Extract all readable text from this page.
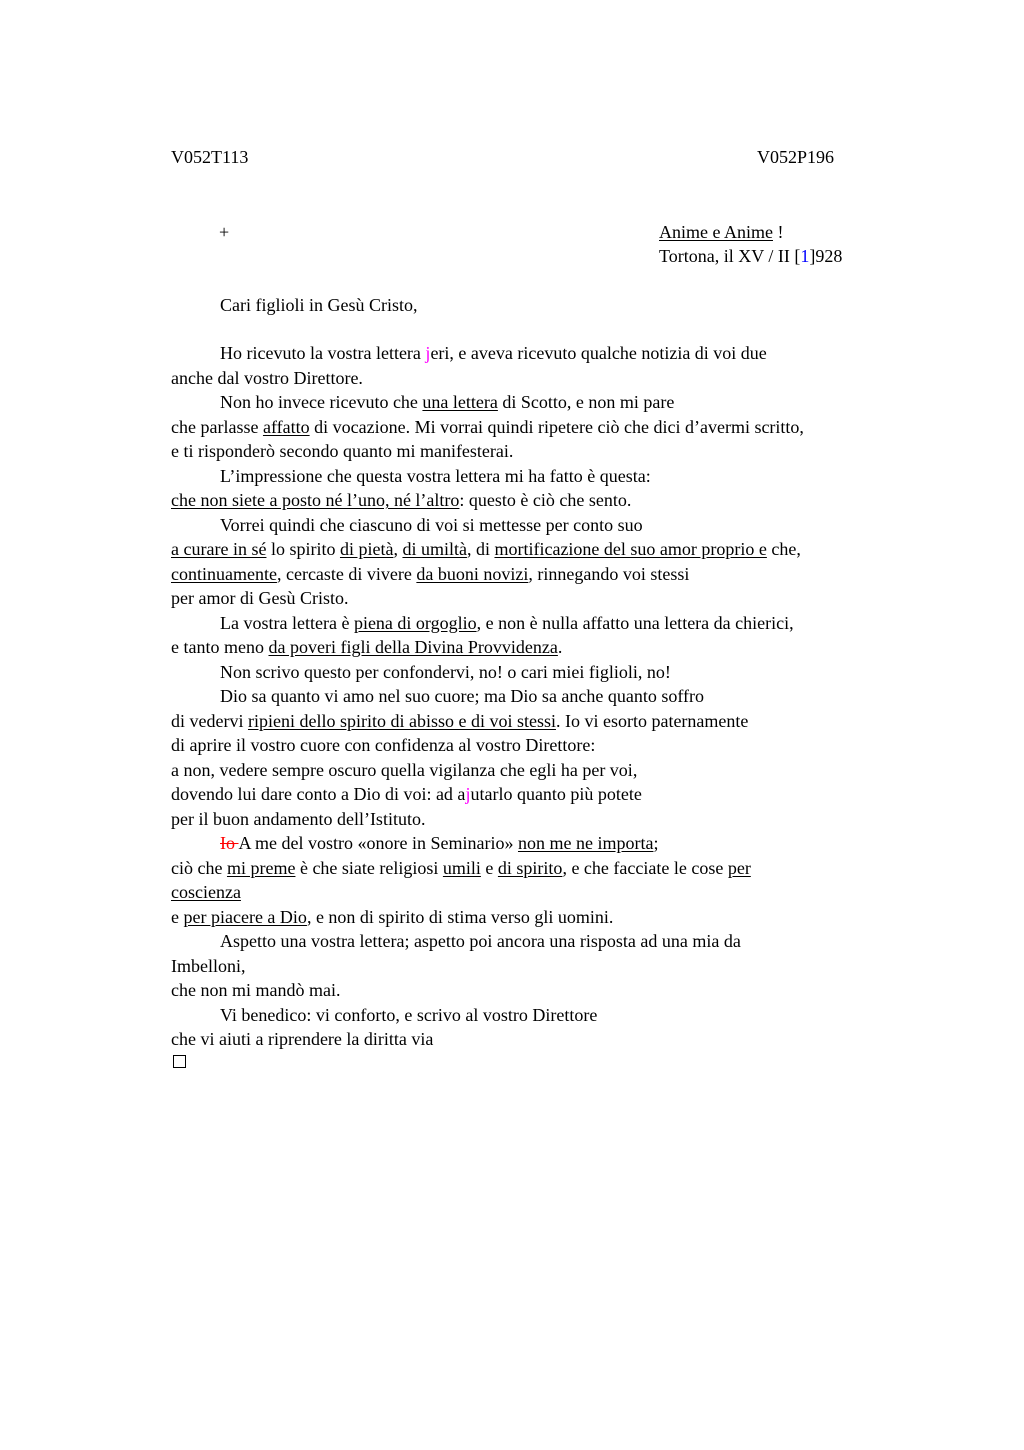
V052T113	V052P196
+	Anime e Anime !
Tortona, il XV / II [1]928
Cari figlioli in Gesù Cristo,
Ho ricevuto la vostra lettera jeri, e aveva ricevuto qualche notizia di voi due
anche dal vostro Direttore.
Non ho invece ricevuto che una lettera di Scotto, e non mi pare
che parlasse affatto di vocazione. Mi vorrai quindi ripetere ciò che dici d’avermi scritto,
e ti risponderò secondo quanto mi manifesterai.
L’impressione che questa vostra lettera mi ha fatto è questa:
che non siete a posto né l’uno, né l’altro: questo è ciò che sento.
Vorrei quindi che ciascuno di voi si mettesse per conto suo
a curare in sé lo spirito di pietà, di umiltà, di mortificazione del suo amor proprio e che,
continuamente, cercaste di vivere da buoni novizi, rinnegando voi stessi
per amor di Gesù Cristo.
La vostra lettera è piena di orgoglio, e non è nulla affatto una lettera da chierici,
e tanto meno da poveri figli della Divina Provvidenza.
Non scrivo questo per confondervi, no! o cari miei figlioli, no!
Dio sa quanto vi amo nel suo cuore; ma Dio sa anche quanto soffro
di vedervi ripieni dello spirito di abisso e di voi stessi. Io vi esorto paternamente
di aprire il vostro cuore con confidenza al vostro Direttore:
a non, vedere sempre oscuro quella vigilanza che egli ha per voi,
dovendo lui dare conto a Dio di voi: ad ajutarlo quanto più potete
per il buon andamento dell’Istituto.
Io A me del vostro «onore in Seminario» non me ne importa;
ciò che mi preme è che siate religiosi umili e di spirito, e che facciate le cose per
coscienza
e per piacere a Dio, e non di spirito di stima verso gli uomini.
Aspetto una vostra lettera; aspetto poi ancora una risposta ad una mia da
Imbelloni,
che non mi mandò mai.
Vi benedico: vi conforto, e scrivo al vostro Direttore
che vi aiuti a riprendere la diritta via
